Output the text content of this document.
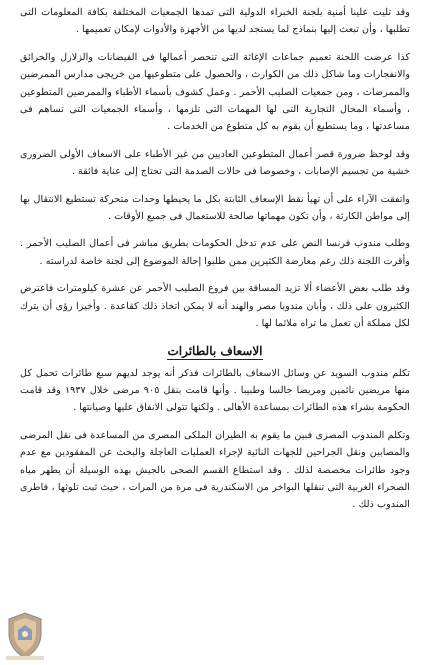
وقد تليت علينا أمنية بلجنة الخبراء الدولية التى تمدها الجمعيات المختلفة بكافة المعلومات التى تطلبها ، وأن تبعث إليها بنماذج لما يستجد لديها من الأجهزة والأدوات لإمكان تعميمها .

كذا عرضت اللجنة تعميم جماعات الإغاثة التى تنحصر أعمالها فى الفيضانات والزلازل والحرائق والانفجارات وما شاكل ذلك من الكوارث ، والحصول على متطوعيها من خريجى مدارس الممرضين والممرضات ، ومن جمعيات الصليب الأحمر . وعمل كشوف بأسماء الأطباء والممرضين المتطوعين ، وأسماء المحال التجارية التى لها المهمات التى تلزمها ، وأسماء الجمعيات التى تساهم فى مساعدتها ، وما يستطيع أن يقوم به كل متطوع من الخدمات .

وقد لوحظ ضرورة قصر أعمال المتطوعين العاديين من غير الأطباء على الاسعاف الأولى الضرورى خشية من تجسيم الإصابات ، وخصوصا فى حالات الصدمة التى تحتاج إلى عناية فائقة .

واتفقت الآراء على أن تهيأ نقط الإسعاف الثابتة بكل ما يحيطها وحدات متحركة تستطيع الانتقال بها إلى مواطن الكارثة ، وأن تكون مهماتها صالحة للاستعمال فى جميع الأوقات .

وطلب مندوب فرنسا النص على عدم تدخل الحكومات بطريق مباشر فى أعمال الصليب الأحمر . وأقرت اللجنة ذلك رغم معارضة الكثيرين ممن طلبوا إحالة الموضوع إلى لجنة خاصة لدراسته .

وقد طلب بعض الأعضاء ألا تزيد المسافة بين فروع الصليب الأحمر عن عشرة كيلومترات فاعترض الكثيرون على ذلك ، وأبان مندوبا مصر والهند أنه لا يمكن اتخاذ ذلك كقاعدة . وأخيرا رؤى أن يترك لكل مملكة أن تعمل ما تراه ملائما لها .

الاسعاف بالطائرات

تكلم مندوب السويد عن وسائل الاسعاف بالطائرات فذكر أنه يوجد لديهم سبع طائرات تحمل كل منها مريضين نائمين ومريضا جالسا وطبيبا . وأنها قامت بنقل ٩٠٥ مرضى خلال ١٩٣٧ وقد قامت الحكومة بشراء هذه الطائرات بمساعدة الأهالى . ولكنها تتولى الانفاق عليها وصيانتها .

وتكلم المندوب المصرى فبين ما يقوم به الطيران الملكى المصرى من المساعدة فى نقل المرضى والمصابين ونقل الجراحين للجهات النائية لإجراء العمليات العاجلة والبحث عن المفقودين مع عدم وجود طائرات مخصصة لذلك . وقد استطاع القسم الصحى بالجيش بهذه الوسيلة أن يطهر مياه الصحراء الغربية التى تنقلها البواخر من الاسكندرية فى مرة من المرات ، حيث ثبت تلوثها ، فاطرى المندوب ذلك .
